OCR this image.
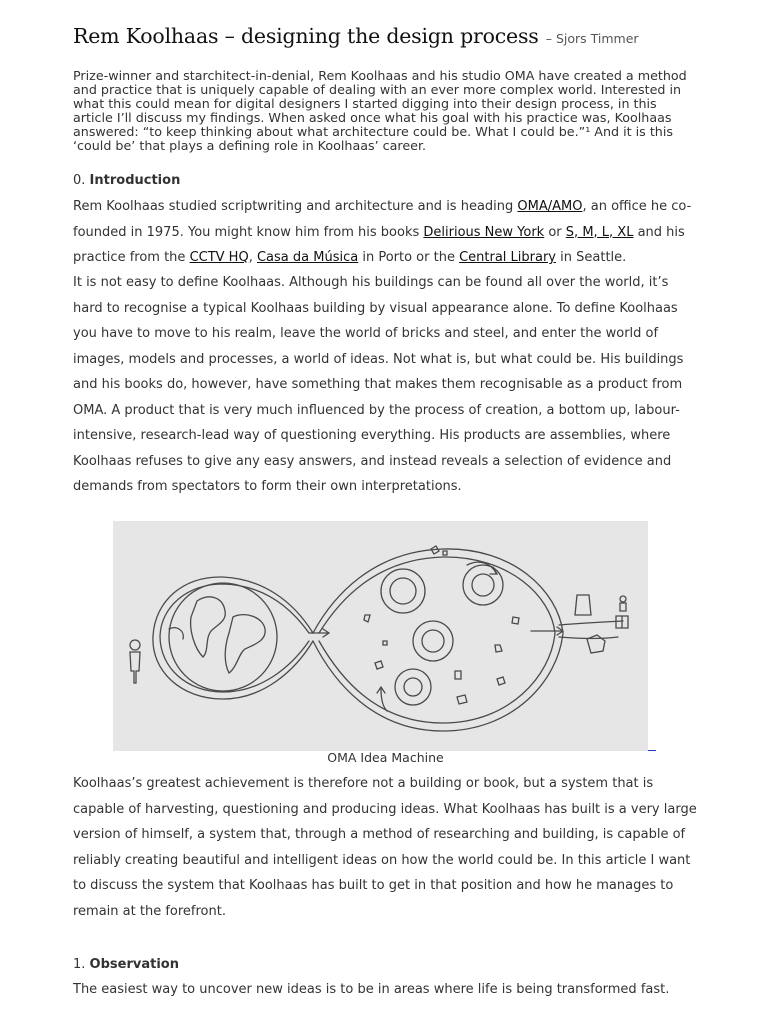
Rem Koolhaas – designing the design process – Sjors Timmer
Prize-winner and starchitect-in-denial, Rem Koolhaas and his studio OMA have created a method and practice that is uniquely capable of dealing with an ever more complex world. Interested in what this could mean for digital designers I started digging into their design process, in this article I’ll discuss my findings. When asked once what his goal with his practice was, Koolhaas answered: “to keep thinking about what architecture could be. What I could be.”¹ And it is this ‘could be’ that plays a defining role in Koolhaas’ career.
0. Introduction
Rem Koolhaas studied scriptwriting and architecture and is heading OMA/AMO, an office he co-founded in 1975. You might know him from his books Delirious New York or S, M, L, XL and his practice from the CCTV HQ, Casa da Música in Porto or the Central Library in Seattle.
It is not easy to define Koolhaas. Although his buildings can be found all over the world, it’s hard to recognise a typical Koolhaas building by visual appearance alone. To define Koolhaas you have to move to his realm, leave the world of bricks and steel, and enter the world of images, models and processes, a world of ideas. Not what is, but what could be. His buildings and his books do, however, have something that makes them recognisable as a product from OMA. A product that is very much influenced by the process of creation, a bottom up, labour-intensive, research-lead way of questioning everything. His products are assemblies, where Koolhaas refuses to give any easy answers, and instead reveals a selection of evidence and demands from spectators to form their own interpretations.
OMA Idea Machine
Koolhaas’s greatest achievement is therefore not a building or book, but a system that is capable of harvesting, questioning and producing ideas. What Koolhaas has built is a very large version of himself, a system that, through a method of researching and building, is capable of reliably creating beautiful and intelligent ideas on how the world could be. In this article I want to discuss the system that Koolhaas has built to get in that position and how he manages to remain at the forefront.
1. Observation
The easiest way to uncover new ideas is to be in areas where life is being transformed fast.
